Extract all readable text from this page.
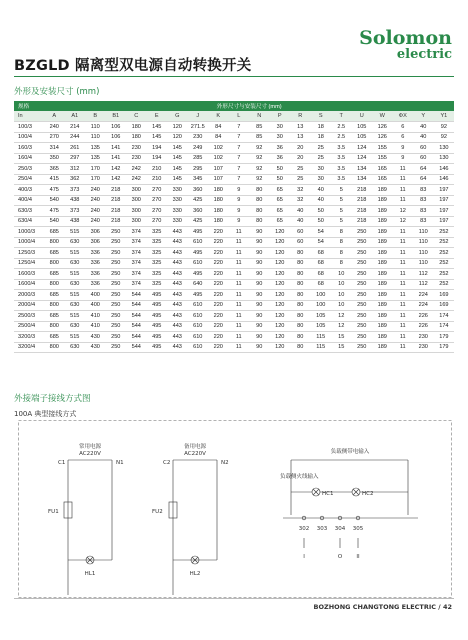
Solomon
electric
BZGLD 隔离型双电源自动转换开关
外形及安装尺寸 (mm)
规格	外形尺寸与安装尺寸 (mm)																			
In	A	A1	B	B1	C	E	G	J	K	L	N	P	R	S	T	U	W	ΦX	Y	Y1
100/3	240	214	110	106	180	145	120	271.5	84	7	85	30	13	18	2.5	105	126	6	40	92
100/4	270	244	110	106	180	145	120	230	84	7	85	30	13	18	2.5	105	126	6	40	92
160/3	314	261	135	141	230	194	145	249	102	7	92	36	20	25	3.5	124	155	9	60	130
160/4	350	297	135	141	230	194	145	285	102	7	92	36	20	25	3.5	124	155	9	60	130
250/3	365	312	170	142	242	210	145	295	107	7	92	50	25	30	3.5	134	165	11	64	146
250/4	415	362	170	142	242	210	145	345	107	7	92	50	25	30	3.5	134	165	11	64	146
400/3	475	373	240	218	300	270	330	360	180	9	80	65	32	40	5	218	189	11	83	197
400/4	540	438	240	218	300	270	330	425	180	9	80	65	32	40	5	218	189	11	83	197
630/3	475	373	240	218	300	270	330	360	180	9	80	65	40	50	5	218	189	12	83	197
630/4	540	438	240	218	300	270	330	425	180	9	80	65	40	50	5	218	189	12	83	197
1000/3	685	515	306	250	374	325	443	495	220	11	90	120	60	54	8	250	189	11	110	252
1000/4	800	630	306	250	374	325	443	610	220	11	90	120	60	54	8	250	189	11	110	252
1250/3	685	515	336	250	374	325	443	495	220	11	90	120	80	68	8	250	189	11	110	252
1250/4	800	630	336	250	374	325	443	610	220	11	90	120	80	68	8	250	189	11	110	252
1600/3	685	515	336	250	374	325	443	495	220	11	90	120	80	68	10	250	189	11	112	252
1600/4	800	630	336	250	374	325	443	640	220	11	90	120	80	68	10	250	189	11	112	252
2000/3	685	515	400	250	544	495	443	495	220	11	90	120	80	100	10	250	189	11	224	169
2000/4	800	630	400	250	544	495	443	610	220	11	90	120	80	100	10	250	189	11	224	169
2500/3	685	515	410	250	544	495	443	610	220	11	90	120	80	105	12	250	189	11	226	174
2500/4	800	630	410	250	544	495	443	610	220	11	90	120	80	105	12	250	189	11	226	174
3200/3	685	515	430	250	544	495	443	610	220	11	90	120	80	115	15	250	189	11	230	179
3200/4	800	630	430	250	544	495	443	610	220	11	90	120	80	115	15	250	189	11	230	179
外接端子接线方式图
100A 典型接线方式
常用电源
AC220V
备用电源
AC220V
C1	N1	C2	N2
FU1	FU2
HL1	HL2
负载侧带电输入
负载侧火线输入
HC1	HC2
302 303 304 305
I	O	II
BOZHONG CHANGTONG ELECTRIC / 42
